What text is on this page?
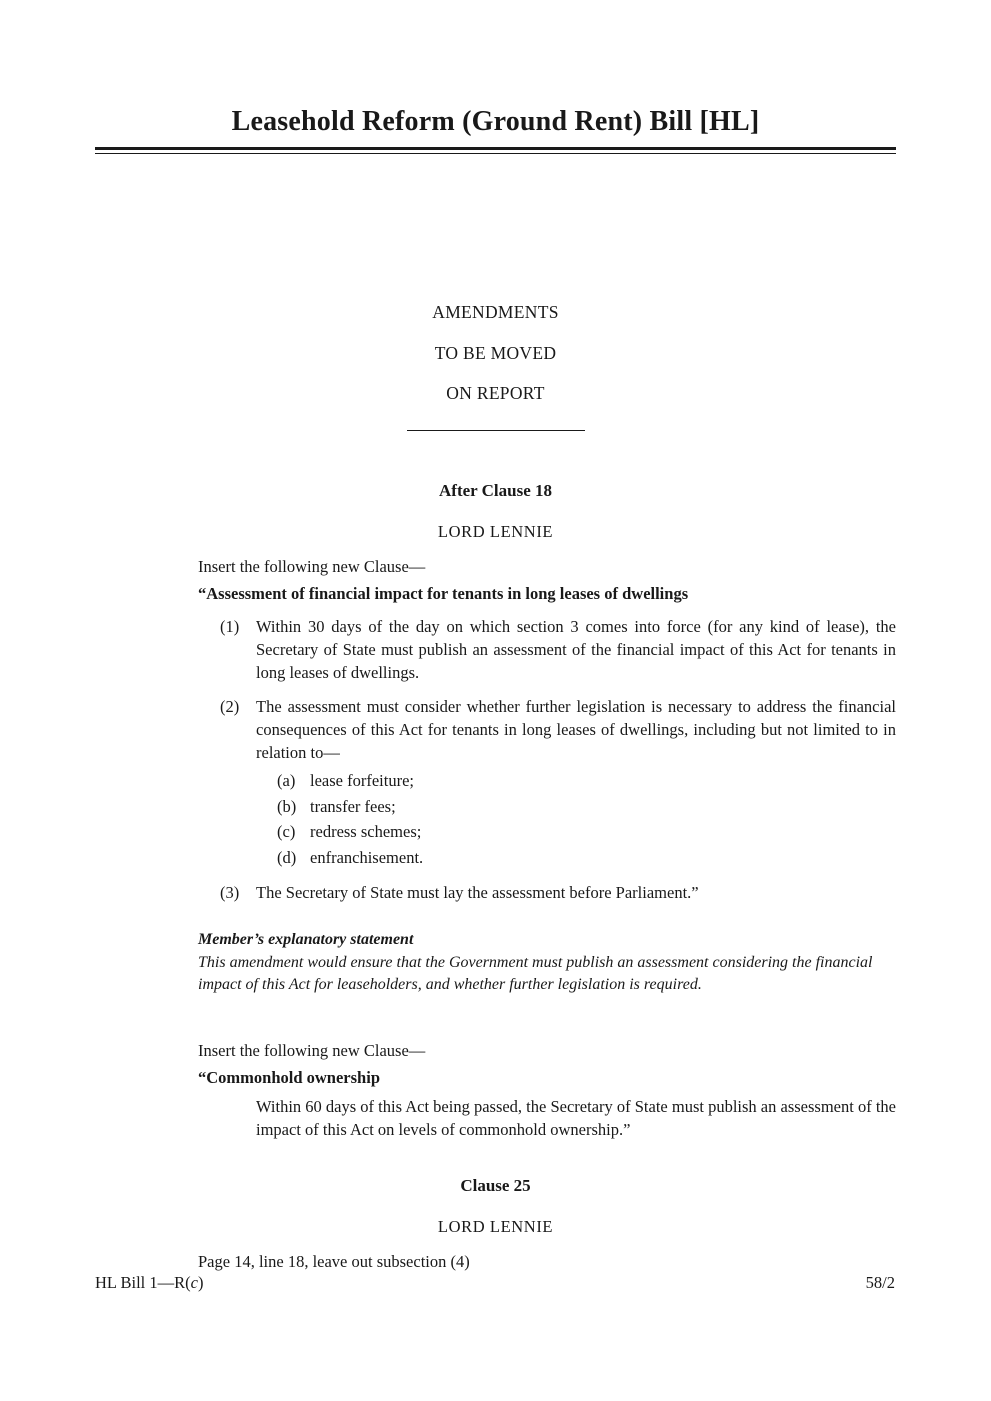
Leasehold Reform (Ground Rent) Bill [HL]
AMENDMENTS
TO BE MOVED
ON REPORT
After Clause 18
LORD LENNIE
Insert the following new Clause—
“Assessment of financial impact for tenants in long leases of dwellings
(1)	Within 30 days of the day on which section 3 comes into force (for any kind of lease), the Secretary of State must publish an assessment of the financial impact of this Act for tenants in long leases of dwellings.
(2)	The assessment must consider whether further legislation is necessary to address the financial consequences of this Act for tenants in long leases of dwellings, including but not limited to in relation to—
(a) lease forfeiture;
(b) transfer fees;
(c) redress schemes;
(d) enfranchisement.
(3)	The Secretary of State must lay the assessment before Parliament.”
Member’s explanatory statement
This amendment would ensure that the Government must publish an assessment considering the financial impact of this Act for leaseholders, and whether further legislation is required.
Insert the following new Clause—
“Commonhold ownership
Within 60 days of this Act being passed, the Secretary of State must publish an assessment of the impact of this Act on levels of commonhold ownership.”
Clause 25
LORD LENNIE
Page 14, line 18, leave out subsection (4)
HL Bill 1—R(c)	58/2
